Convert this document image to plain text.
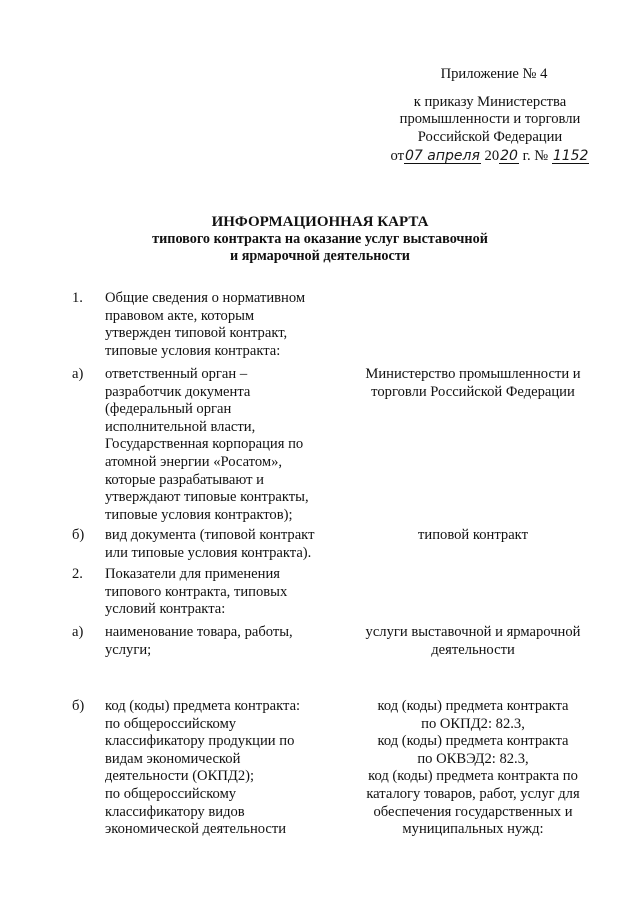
Приложение № 4
к приказу Министерства
промышленности и торговли
Российской Федерации
от07 апреля 2020 г. № 1152
ИНФОРМАЦИОННАЯ КАРТА
типового контракта на оказание услуг выставочной
и ярмарочной деятельности
1. Общие сведения о нормативном
правовом акте, которым
утвержден типовой контракт,
типовые условия контракта:
а) ответственный орган –
разработчик документа
(федеральный орган
исполнительной власти,
Государственная корпорация по
атомной энергии «Росатом»,
которые разрабатывают и
утверждают типовые контракты,
типовые условия контрактов);
Министерство промышленности и
торговли Российской Федерации
б) вид документа (типовой контракт
или типовые условия контракта).
типовой контракт
2. Показатели для применения
типового контракта, типовых
условий контракта:
а) наименование товара, работы,
услуги;
услуги выставочной и ярмарочной
деятельности
б) код (коды) предмета контракта:
по общероссийскому
классификатору продукции по
видам экономической
деятельности (ОКПД2);
по общероссийскому
классификатору видов
экономической деятельности
код (коды) предмета контракта
по ОКПД2: 82.3,
код (коды) предмета контракта
по ОКВЭД2: 82.3,
код (коды) предмета контракта по
каталогу товаров, работ, услуг для
обеспечения государственных и
муниципальных нужд:
